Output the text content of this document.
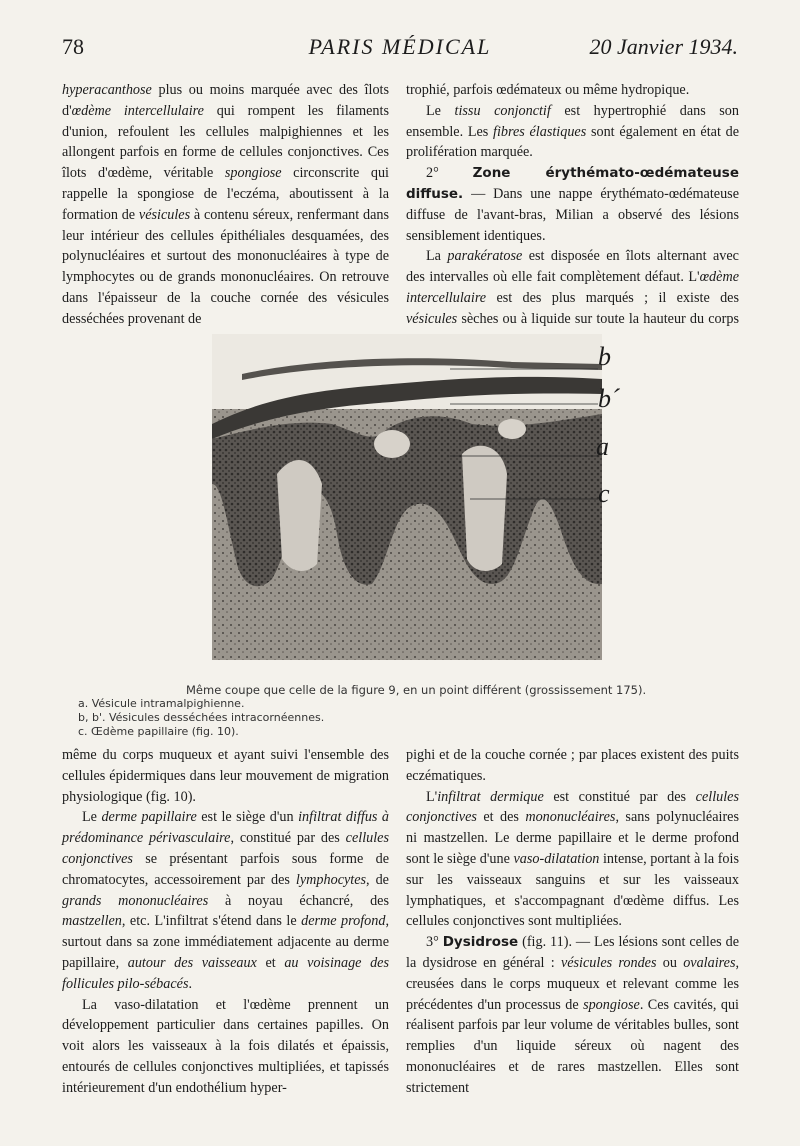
78	PARIS MÉDICAL	20 Janvier 1934.

hyperacanthose plus ou moins marquée avec des îlots d'œdème intercellulaire qui rompent les filaments d'union, refoulent les cellules malpighiennes et les allongent parfois en forme de cellules conjonctives. Ces îlots d'œdème, véritable spongiose circonscrite qui rappelle la spongiose de l'eczéma, aboutissent à la formation de vésicules à contenu séreux, renfermant dans leur intérieur des cellules épithéliales desquamées, des polynucléaires et surtout des mononucléaires à type de lymphocytes ou de grands mononucléaires. On retrouve dans l'épaisseur de la couche cornée des vésicules desséchées provenant de

trophié, parfois œdémateux ou même hydropique.

Le tissu conjonctif est hypertrophié dans son ensemble. Les fibres élastiques sont également en état de prolifération marquée.

2° Zone érythémato-œdémateuse diffuse. — Dans une nappe érythémato-œdémateuse diffuse de l'avant-bras, Milian a observé des lésions sensiblement identiques.

La parakératose est disposée en îlots alternant avec des intervalles où elle fait complètement défaut. L'œdème intercellulaire est des plus marqués ; il existe des vésicules sèches ou à liquide sur toute la hauteur du corps

b
b´
a
c
Même coupe que celle de la figure 9, en un point différent (grossissement 175).
a. Vésicule intramalpighienne.
b, b'. Vésicules desséchées intracornéennes.
c. Œdème papillaire (fig. 10).

même du corps muqueux et ayant suivi l'ensemble des cellules épidermiques dans leur mouvement de migration physiologique (fig. 10).

Le derme papillaire est le siège d'un infiltrat diffus à prédominance périvasculaire, constitué par des cellules conjonctives se présentant parfois sous forme de chromatocytes, accessoirement par des lymphocytes, de grands mononucléaires à noyau échancré, des mastzellen, etc. L'infiltrat s'étend dans le derme profond, surtout dans sa zone immédiatement adjacente au derme papillaire, autour des vaisseaux et au voisinage des follicules pilo-sébacés.

La vaso-dilatation et l'œdème prennent un développement particulier dans certaines papilles. On voit alors les vaisseaux à la fois dilatés et épaissis, entourés de cellules conjonctives multipliées, et tapissés intérieurement d'un endothélium hyper-

pighi et de la couche cornée ; par places existent des puits eczématiques.

L'infiltrat dermique est constitué par des cellules conjonctives et des mononucléaires, sans polynucléaires ni mastzellen. Le derme papillaire et le derme profond sont le siège d'une vaso-dilatation intense, portant à la fois sur les vaisseaux sanguins et sur les vaisseaux lymphatiques, et s'accompagnant d'œdème diffus. Les cellules conjonctives sont multipliées.

3° Dysidrose (fig. 11). — Les lésions sont celles de la dysidrose en général : vésicules rondes ou ovalaires, creusées dans le corps muqueux et relevant comme les précédentes d'un processus de spongiose. Ces cavités, qui réalisent parfois par leur volume de véritables bulles, sont remplies d'un liquide séreux où nagent des mononucléaires et de rares mastzellen. Elles sont strictement
